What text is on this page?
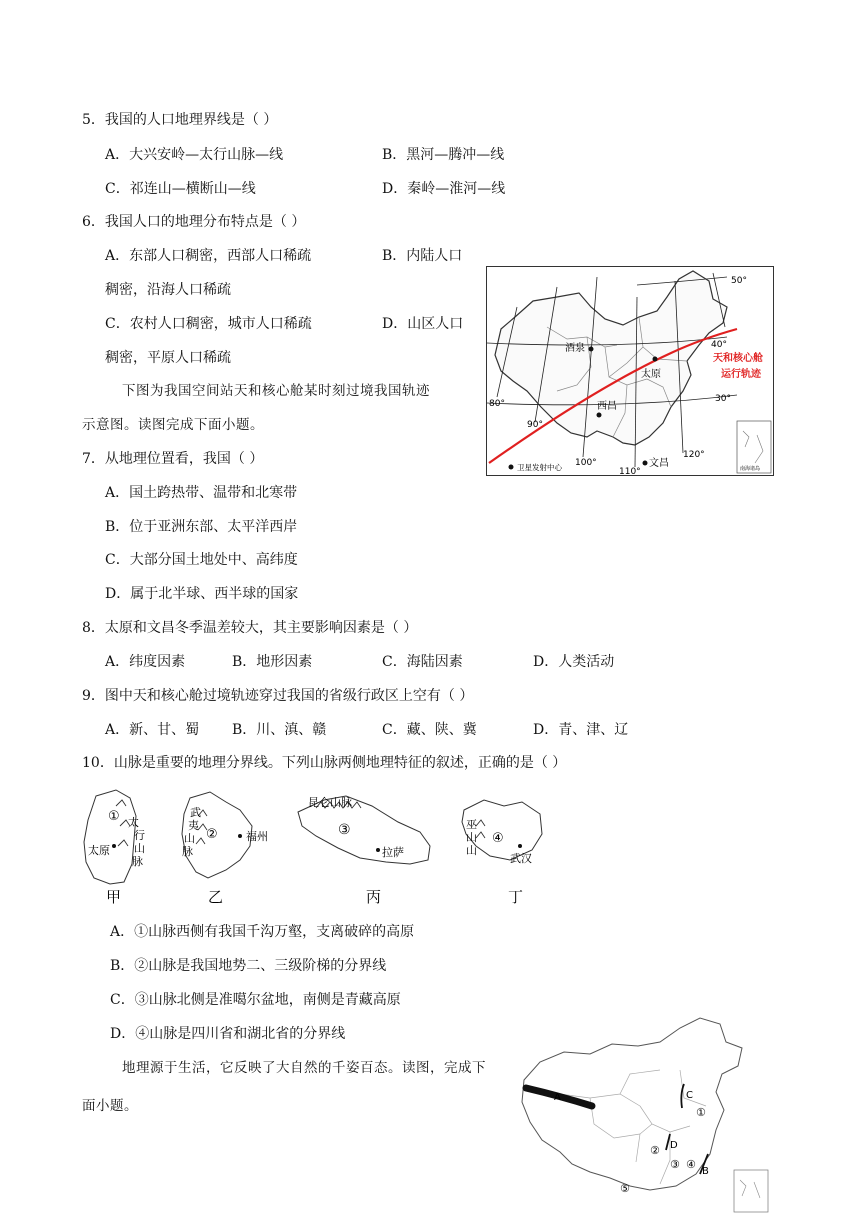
5．我国的人口地理界线是（ ）
A．大兴安岭—太行山脉—线	B．黑河—腾冲—线
C．祁连山—横断山—线	D．秦岭—淮河—线
6．我国人口的地理分布特点是（ ）
A．东部人口稠密，西部人口稀疏	B．内陆人口
稠密，沿海人口稀疏
C．农村人口稠密，城市人口稀疏	D．山区人口
稠密，平原人口稀疏
下图为我国空间站天和核心舱某时刻过境我国轨迹
示意图。读图完成下面小题。
酒泉
太原
西昌
文昌
天和核心舱
运行轨迹
50°
40°
30°
80°
90°
100°
110°
120°
卫星发射中心	南海诸岛
7．从地理位置看，我国（ ）
A．国土跨热带、温带和北寒带
B．位于亚洲东部、太平洋西岸
C．大部分国土地处中、高纬度
D．属于北半球、西半球的国家
8．太原和文昌冬季温差较大，其主要影响因素是（ ）
A．纬度因素	B．地形因素	C．海陆因素	D．人类活动
9．图中天和核心舱过境轨迹穿过我国的省级行政区上空有（ ）
A．新、甘、蜀 B．川、滇、赣	C．藏、陕、冀	D．青、津、辽
10．山脉是重要的地理分界线。下列山脉两侧地理特征的叙述，正确的是（ ）
① 太
行
山
脉
太原
甲
武
夷
山
脉
②	福州
乙
昆仑山脉
③
拉萨
丙
巫
山
山
④
武汉
丁
A．①山脉西侧有我国千沟万壑，支离破碎的高原
B．②山脉是我国地势二、三级阶梯的分界线
C．③山脉北侧是准噶尔盆地，南侧是青藏高原
D．④山脉是四川省和湖北省的分界线
地理源于生活，它反映了大自然的千姿百态。读图，完成下
面小题。
A	C
①
D
②
③ ④
B
⑤
